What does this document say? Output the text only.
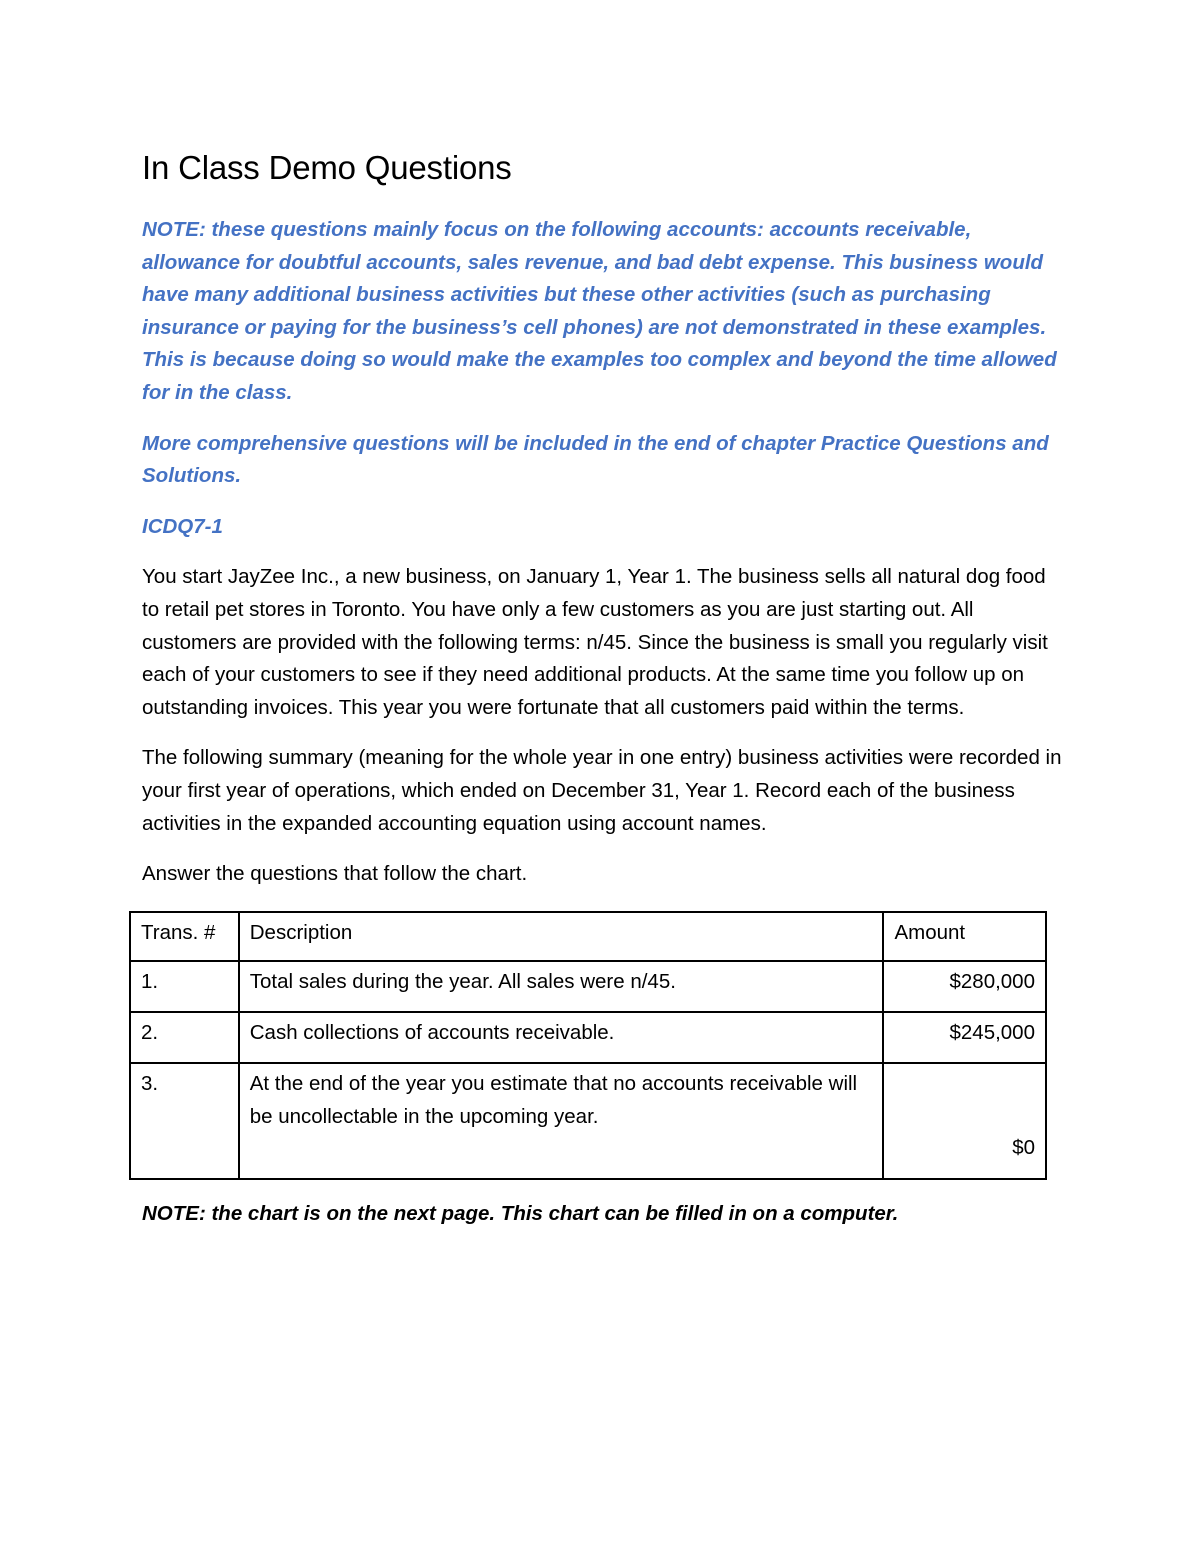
In Class Demo Questions

NOTE: these questions mainly focus on the following accounts: accounts receivable, allowance for doubtful accounts, sales revenue, and bad debt expense. This business would have many additional business activities but these other activities (such as purchasing insurance or paying for the business’s cell phones) are not demonstrated in these examples. This is because doing so would make the examples too complex and beyond the time allowed for in the class.

More comprehensive questions will be included in the end of chapter Practice Questions and Solutions.

ICDQ7-1

You start JayZee Inc., a new business, on January 1, Year 1. The business sells all natural dog food to retail pet stores in Toronto. You have only a few customers as you are just starting out. All customers are provided with the following terms: n/45. Since the business is small you regularly visit each of your customers to see if they need additional products. At the same time you follow up on outstanding invoices. This year you were fortunate that all customers paid within the terms.

The following summary (meaning for the whole year in one entry) business activities were recorded in your first year of operations, which ended on December 31, Year 1. Record each of the business activities in the expanded accounting equation using account names.

Answer the questions that follow the chart.

Trans. #	Description	Amount
1.	Total sales during the year. All sales were n/45.	$280,000
2.	Cash collections of accounts receivable.	$245,000
3.	At the end of the year you estimate that no accounts receivable will be uncollectable in the upcoming year.	$0

NOTE: the chart is on the next page. This chart can be filled in on a computer.
